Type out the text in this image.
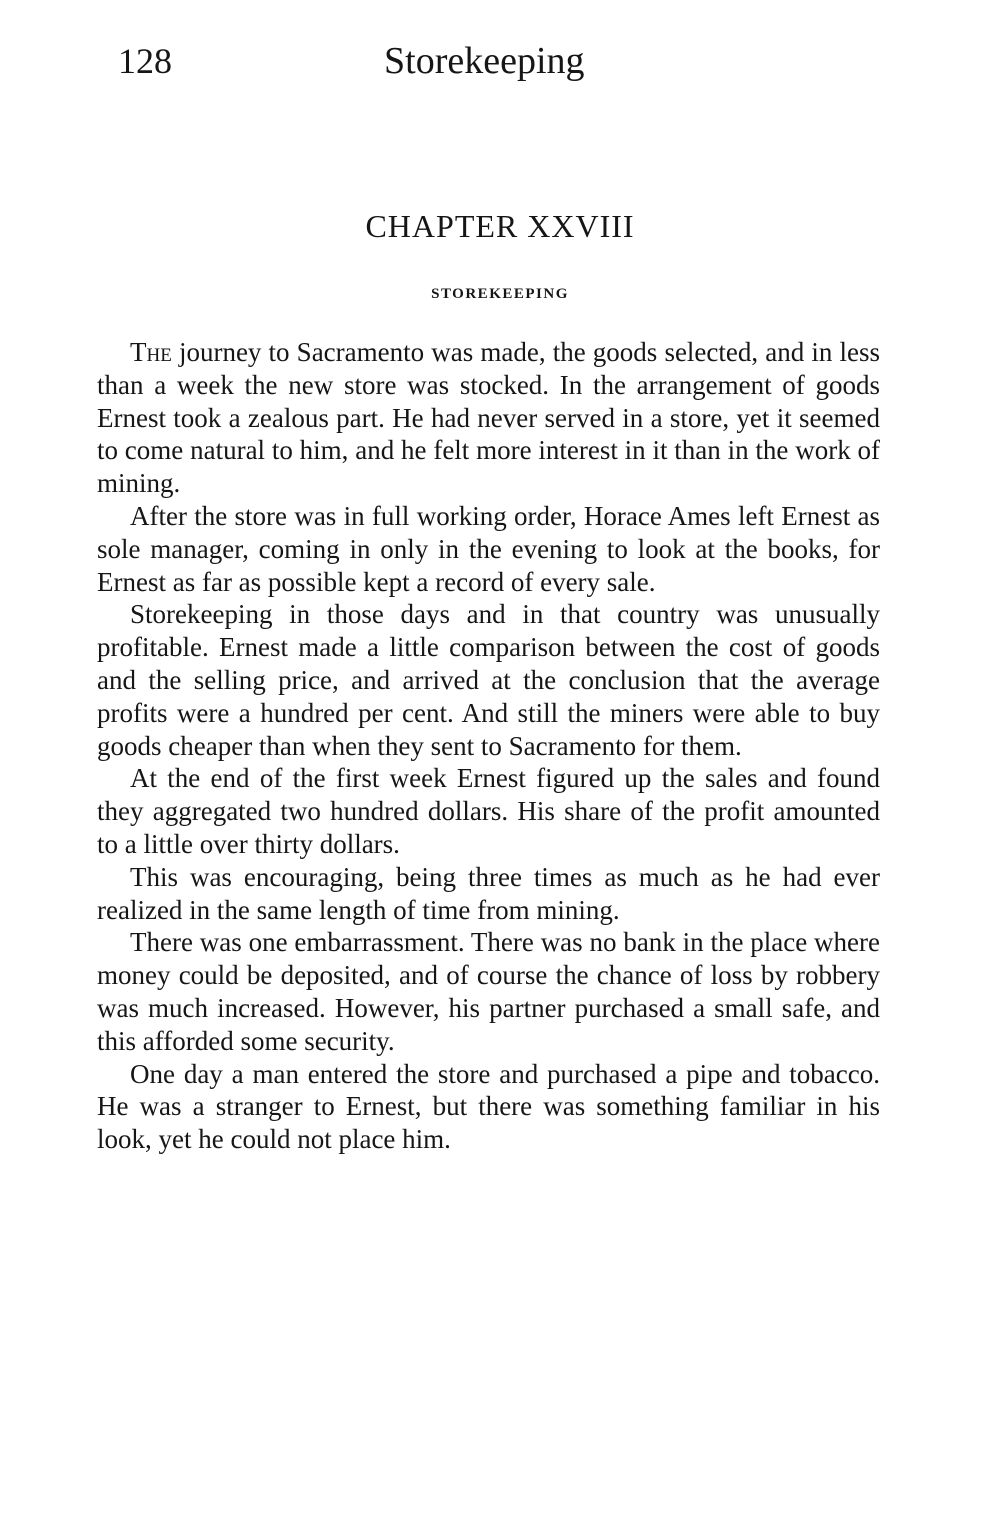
128	Storekeeping
CHAPTER XXVIII
STOREKEEPING

The journey to Sacramento was made, the goods selected, and in less than a week the new store was stocked. In the arrangement of goods Ernest took a zealous part. He had never served in a store, yet it seemed to come natural to him, and he felt more interest in it than in the work of mining.

After the store was in full working order, Horace Ames left Ernest as sole manager, coming in only in the evening to look at the books, for Ernest as far as possible kept a record of every sale.

Storekeeping in those days and in that country was unusually profitable. Ernest made a little comparison between the cost of goods and the selling price, and arrived at the conclusion that the average profits were a hundred per cent. And still the miners were able to buy goods cheaper than when they sent to Sacramento for them.

At the end of the first week Ernest figured up the sales and found they aggregated two hundred dollars. His share of the profit amounted to a little over thirty dollars.

This was encouraging, being three times as much as he had ever realized in the same length of time from mining.

There was one embarrassment. There was no bank in the place where money could be deposited, and of course the chance of loss by robbery was much increased. However, his partner purchased a small safe, and this afforded some security.

One day a man entered the store and purchased a pipe and tobacco. He was a stranger to Ernest, but there was something familiar in his look, yet he could not place him.
